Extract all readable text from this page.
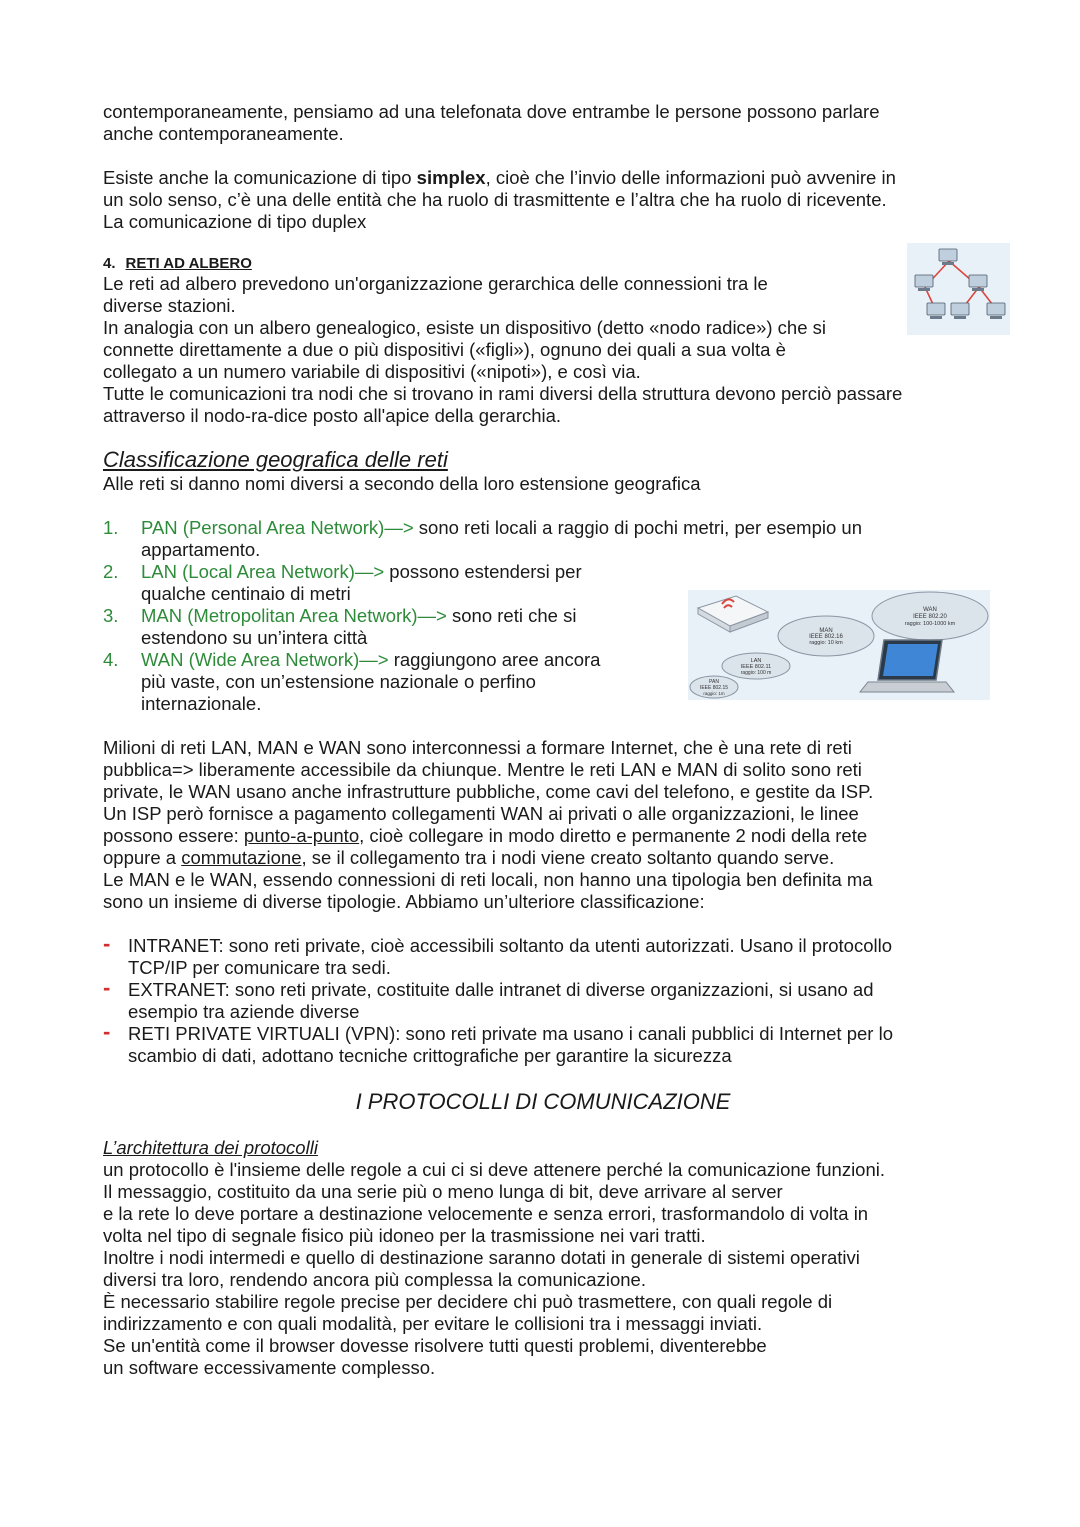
WAN
IEEE 802.20
raggio: 100-1000 km
MAN
IEEE 802.16
raggio: 10 km
LAN
IEEE 802.11
raggio: 100 m
PAN
IEEE 802.15
raggio: 1m

contemporaneamente, pensiamo ad una telefonata dove entrambe le persone possono parlare

anche contemporaneamente.

Esiste anche la comunicazione di tipo simplex, cioè che l’invio delle informazioni può avvenire in

un solo senso, c’è una delle entità che ha ruolo di trasmittente e l’altra che ha ruolo di ricevente.

La comunicazione di tipo duplex

4. RETI AD ALBERO

Le reti ad albero prevedono un'organizzazione gerarchica delle connessioni tra le

diverse stazioni.

In analogia con un albero genealogico, esiste un dispositivo (detto «nodo radice») che si

connette direttamente a due o più dispositivi («figli»), ognuno dei quali a sua volta è

collegato a un numero variabile di dispositivi («nipoti»), e così via.

Tutte le comunicazioni tra nodi che si trovano in rami diversi della struttura devono perciò passare

attraverso il nodo-ra-dice posto all'apice della gerarchia.

Classificazione geografica delle reti

Alle reti si danno nomi diversi a secondo della loro estensione geografica

1. PAN (Personal Area Network)—> sono reti locali a raggio di pochi metri, per esempio un
appartamento.
2. LAN (Local Area Network)—> possono estendersi per
qualche centinaio di metri
3. MAN (Metropolitan Area Network)—> sono reti che si
estendono su un’intera città
4. WAN (Wide Area Network)—> raggiungono aree ancora
più vaste, con un’estensione nazionale o perfino
internazionale.

Milioni di reti LAN, MAN e WAN sono interconnessi a formare Internet, che è una rete di reti

pubblica=> liberamente accessibile da chiunque. Mentre le reti LAN e MAN di solito sono reti

private, le WAN usano anche infrastrutture pubbliche, come cavi del telefono, e gestite da ISP.

Un ISP però fornisce a pagamento collegamenti WAN ai privati o alle organizzazioni, le linee

possono essere: punto-a-punto, cioè collegare in modo diretto e permanente 2 nodi della rete

oppure a commutazione, se il collegamento tra i nodi viene creato soltanto quando serve.

Le MAN e le WAN, essendo connessioni di reti locali, non hanno una tipologia ben definita ma

sono un insieme di diverse tipologie. Abbiamo un’ulteriore classificazione:

- INTRANET: sono reti private, cioè accessibili soltanto da utenti autorizzati. Usano il protocollo
TCP/IP per comunicare tra sedi.
- EXTRANET: sono reti private, costituite dalle intranet di diverse organizzazioni, si usano ad
esempio tra aziende diverse
- RETI PRIVATE VIRTUALI (VPN): sono reti private ma usano i canali pubblici di Internet per lo
scambio di dati, adottano tecniche crittografiche per garantire la sicurezza

I PROTOCOLLI DI COMUNICAZIONE

L’architettura dei protocolli

un protocollo è l'insieme delle regole a cui ci si deve attenere perché la comunicazione funzioni.

Il messaggio, costituito da una serie più o meno lunga di bit, deve arrivare al server

e la rete lo deve portare a destinazione velocemente e senza errori, trasformandolo di volta in

volta nel tipo di segnale fisico più idoneo per la trasmissione nei vari tratti.

Inoltre i nodi intermedi e quello di destinazione saranno dotati in generale di sistemi operativi

diversi tra loro, rendendo ancora più complessa la comunicazione.

È necessario stabilire regole precise per decidere chi può trasmettere, con quali regole di

indirizzamento e con quali modalità, per evitare le collisioni tra i messaggi inviati.

Se un'entità come il browser dovesse risolvere tutti questi problemi, diventerebbe

un software eccessivamente complesso.
